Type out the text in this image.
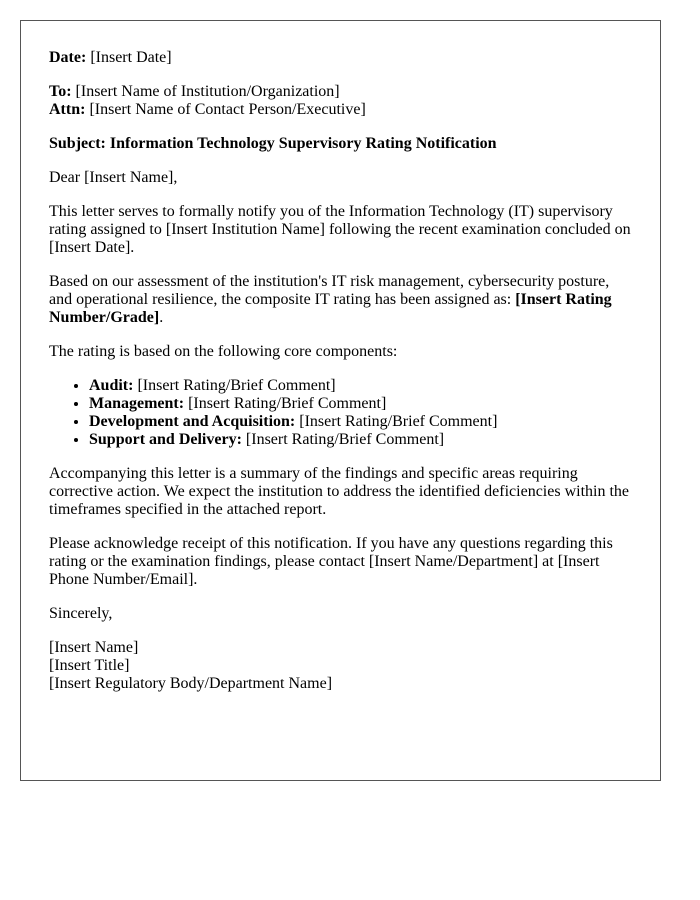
Date: [Insert Date]

To: [Insert Name of Institution/Organization]
Attn: [Insert Name of Contact Person/Executive]

Subject: Information Technology Supervisory Rating Notification

Dear [Insert Name],

This letter serves to formally notify you of the Information Technology (IT) supervisory rating assigned to [Insert Institution Name] following the recent examination concluded on [Insert Date].

Based on our assessment of the institution's IT risk management, cybersecurity posture, and operational resilience, the composite IT rating has been assigned as: [Insert Rating Number/Grade].

The rating is based on the following core components:

• Audit: [Insert Rating/Brief Comment]
• Management: [Insert Rating/Brief Comment]
• Development and Acquisition: [Insert Rating/Brief Comment]
• Support and Delivery: [Insert Rating/Brief Comment]

Accompanying this letter is a summary of the findings and specific areas requiring corrective action. We expect the institution to address the identified deficiencies within the timeframes specified in the attached report.

Please acknowledge receipt of this notification. If you have any questions regarding this rating or the examination findings, please contact [Insert Name/Department] at [Insert Phone Number/Email].

Sincerely,

[Insert Name]
[Insert Title]
[Insert Regulatory Body/Department Name]
